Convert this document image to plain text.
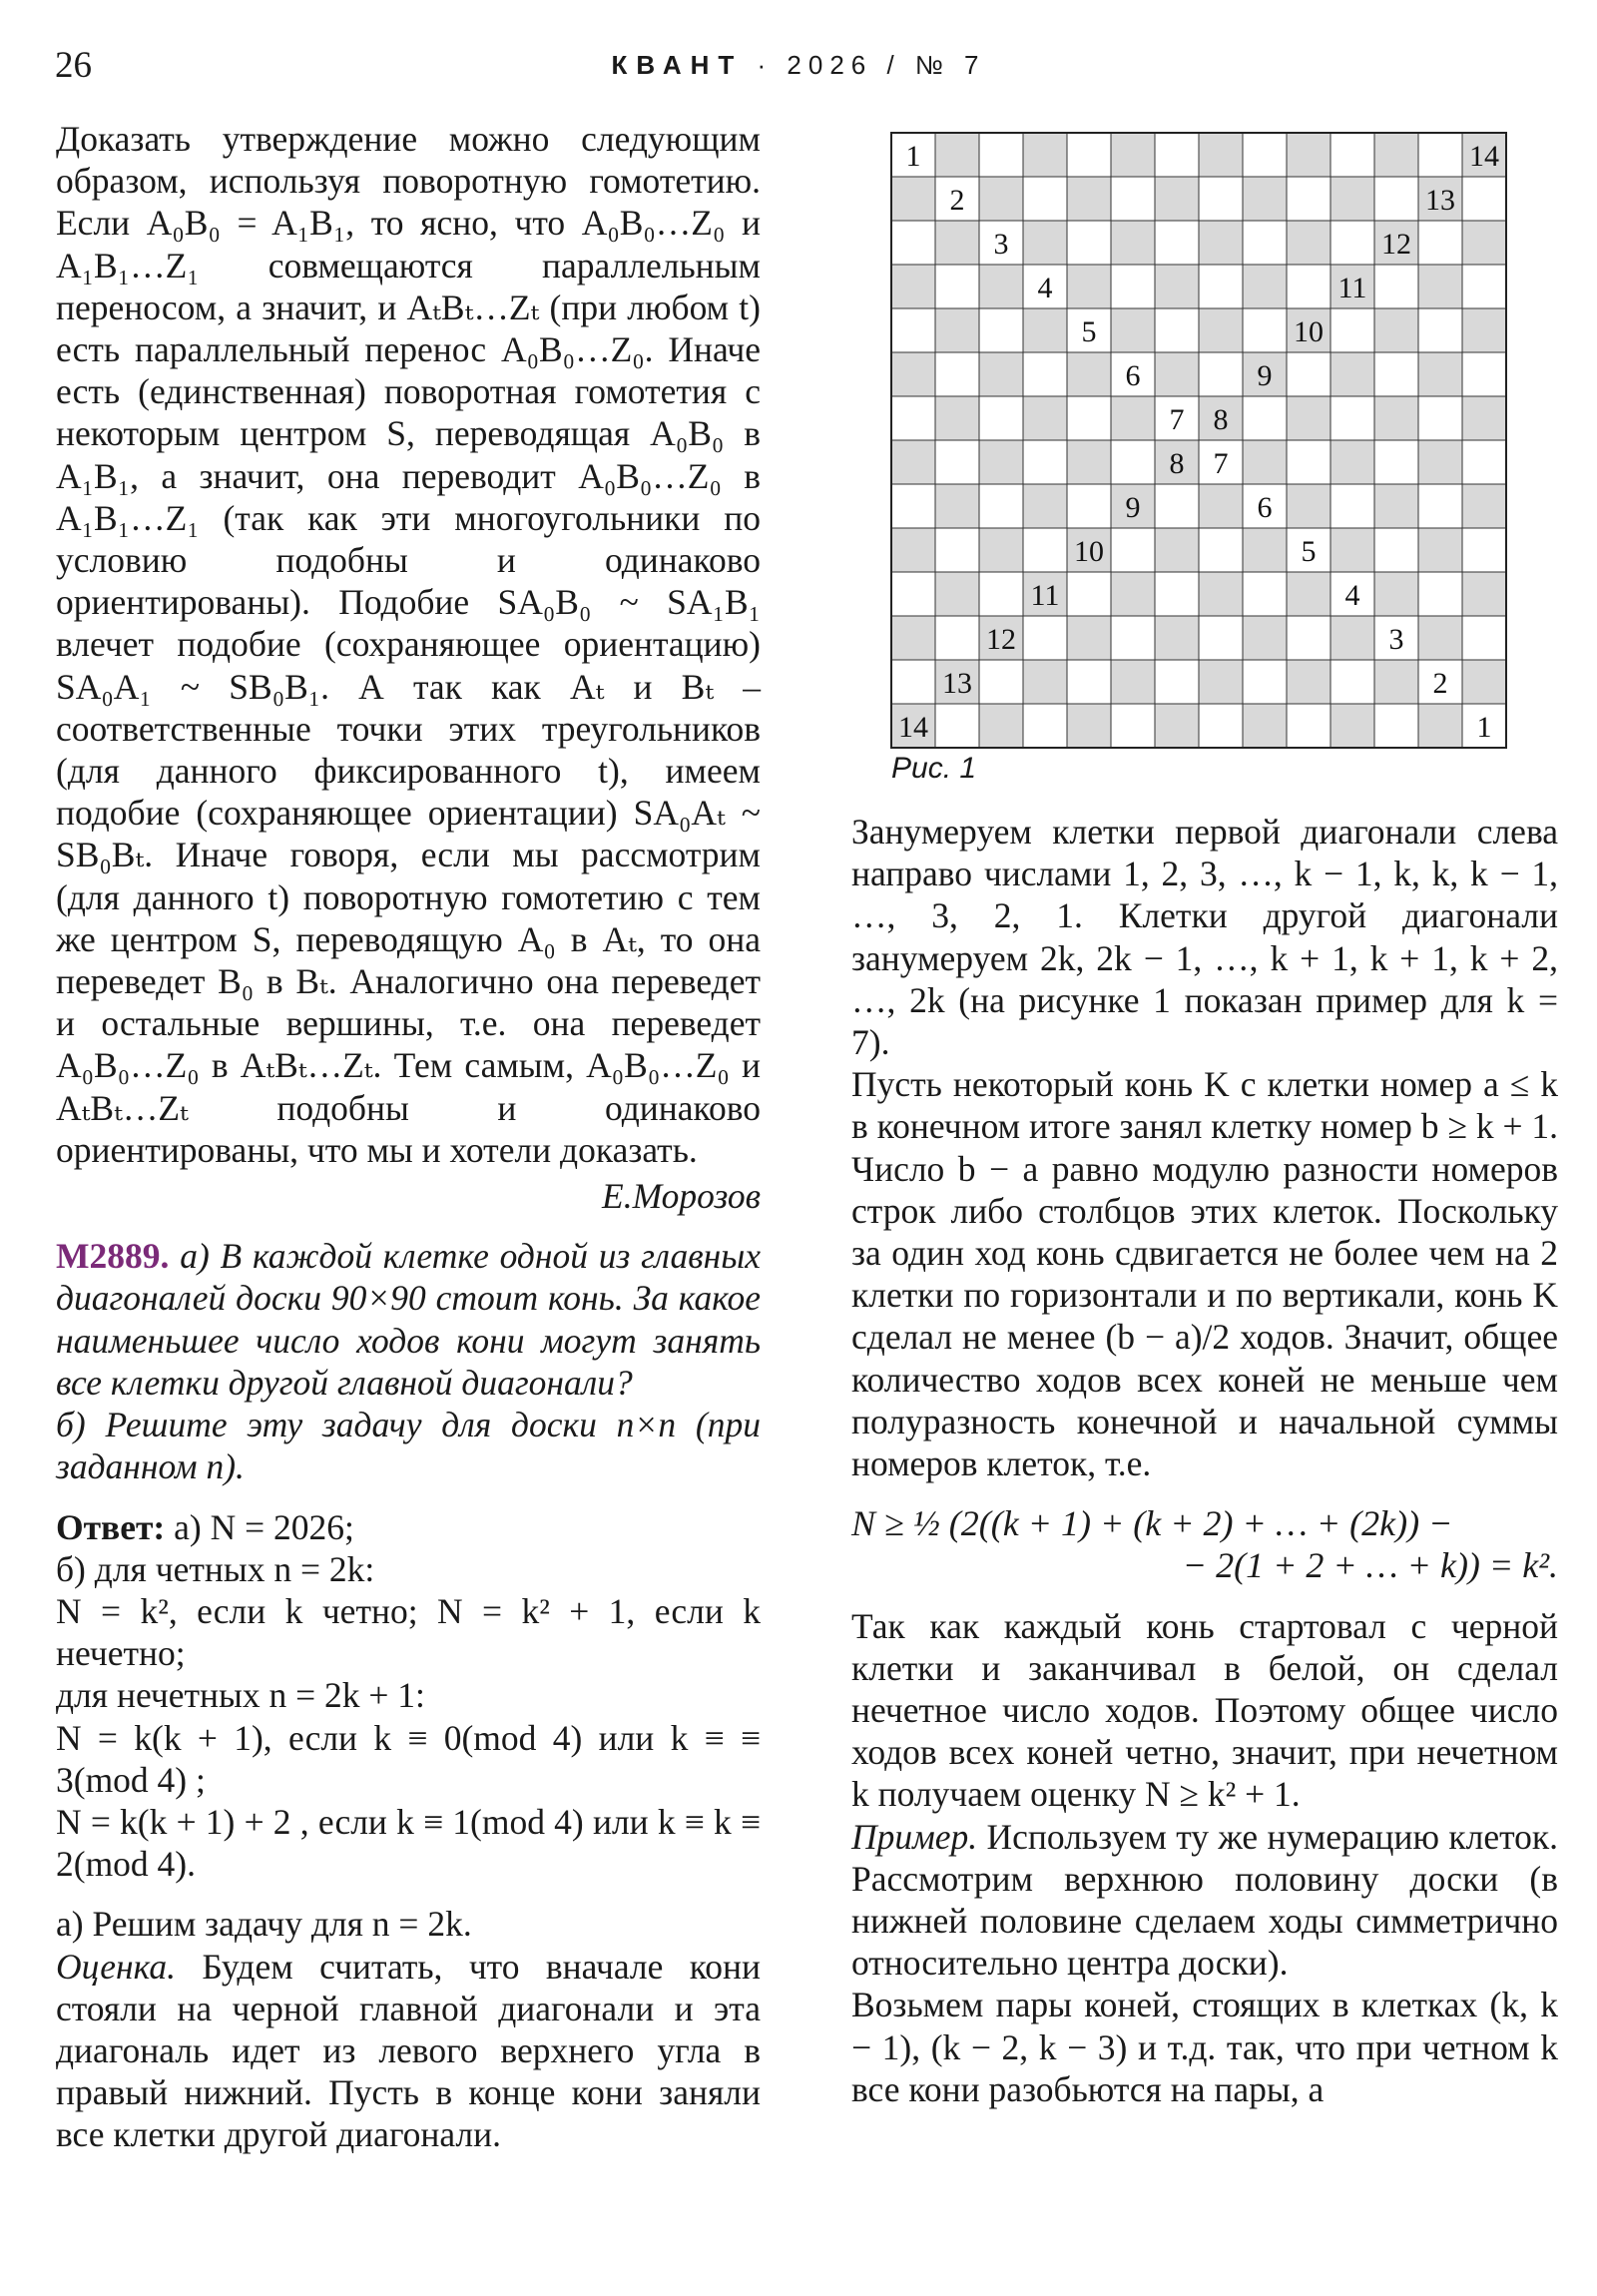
26	КВАНТ · 2026 / № 7

Доказать утверждение можно следующим образом, используя поворотную гомотетию. Если A₀B₀ = A₁B₁, то ясно, что A₀B₀…Z₀ и A₁B₁…Z₁ совмещаются параллельным переносом, а значит, и AₜBₜ…Zₜ (при любом t) есть параллельный перенос A₀B₀…Z₀. Иначе есть (единственная) поворотная гомотетия с некоторым центром S, переводящая A₀B₀ в A₁B₁, а значит, она переводит A₀B₀…Z₀ в A₁B₁…Z₁ (так как эти многоугольники по условию подобны и одинаково ориентированы). Подобие SA₀B₀ ~ SA₁B₁ влечет подобие (сохраняющее ориентацию) SA₀A₁ ~ SB₀B₁. А так как Aₜ и Bₜ – соответственные точки этих треугольников (для данного фиксированного t), имеем подобие (сохраняющее ориентации) SA₀Aₜ ~ SB₀Bₜ. Иначе говоря, если мы рассмотрим (для данного t) поворотную гомотетию с тем же центром S, переводящую A₀ в Aₜ, то она переведет B₀ в Bₜ. Аналогично она переведет и остальные вершины, т.е. она переведет A₀B₀…Z₀ в AₜBₜ…Zₜ. Тем самым, A₀B₀…Z₀ и AₜBₜ…Zₜ подобны и одинаково ориентированы, что мы и хотели доказать.

Е.Морозов

М2889. а) В каждой клетке одной из главных диагоналей доски 90×90 стоит конь. За какое наименьшее число ходов кони могут занять все клетки другой главной диагонали?

б) Решите эту задачу для доски n×n (при заданном n).

Ответ: а) N = 2026;

б) для четных n = 2k:

N = k², если k четно; N = k² + 1, если k нечетно;

для нечетных n = 2k + 1:

N = k(k + 1), если k ≡ 0(mod 4) или k ≡ ≡ 3(mod 4) ;

N = k(k + 1) + 2 , если k ≡ 1(mod 4) или k ≡ k ≡ 2(mod 4).

а) Решим задачу для n = 2k.

Оценка. Будем считать, что вначале кони стояли на черной главной диагонали и эта диагональ идет из левого верхнего угла в правый нижний. Пусть в конце кони заняли все клетки другой диагонали.

1
2
3
4
5
6
7
7
6
5
4
3
2
1
14
13
12
11
10
9
8
8
9
10
11
12
13
14
Рис. 1

Занумеруем клетки первой диагонали слева направо числами 1, 2, 3, …, k − 1, k, k, k − 1, …, 3, 2, 1. Клетки другой диагонали занумеруем 2k, 2k − 1, …, k + 1, k + 1, k + 2, …, 2k (на рисунке 1 показан пример для k = 7).

Пусть некоторый конь K с клетки номер a ≤ k в конечном итоге занял клетку номер b ≥ k + 1. Число b − a равно модулю разности номеров строк либо столбцов этих клеток. Поскольку за один ход конь сдвигается не более чем на 2 клетки по горизонтали и по вертикали, конь K сделал не менее (b − a)/2 ходов. Значит, общее количество ходов всех коней не меньше чем полуразность конечной и начальной суммы номеров клеток, т.е.

N ≥ ½ (2((k + 1) + (k + 2) + … + (2k)) −
− 2(1 + 2 + … + k)) = k².

Так как каждый конь стартовал с черной клетки и заканчивал в белой, он сделал нечетное число ходов. Поэтому общее число ходов всех коней четно, значит, при нечетном k получаем оценку N ≥ k² + 1.

Пример. Используем ту же нумерацию клеток. Рассмотрим верхнюю половину доски (в нижней половине сделаем ходы симметрично относительно центра доски).

Возьмем пары коней, стоящих в клетках (k, k − 1), (k − 2, k − 3) и т.д. так, что при четном k все кони разобьются на пары, а
